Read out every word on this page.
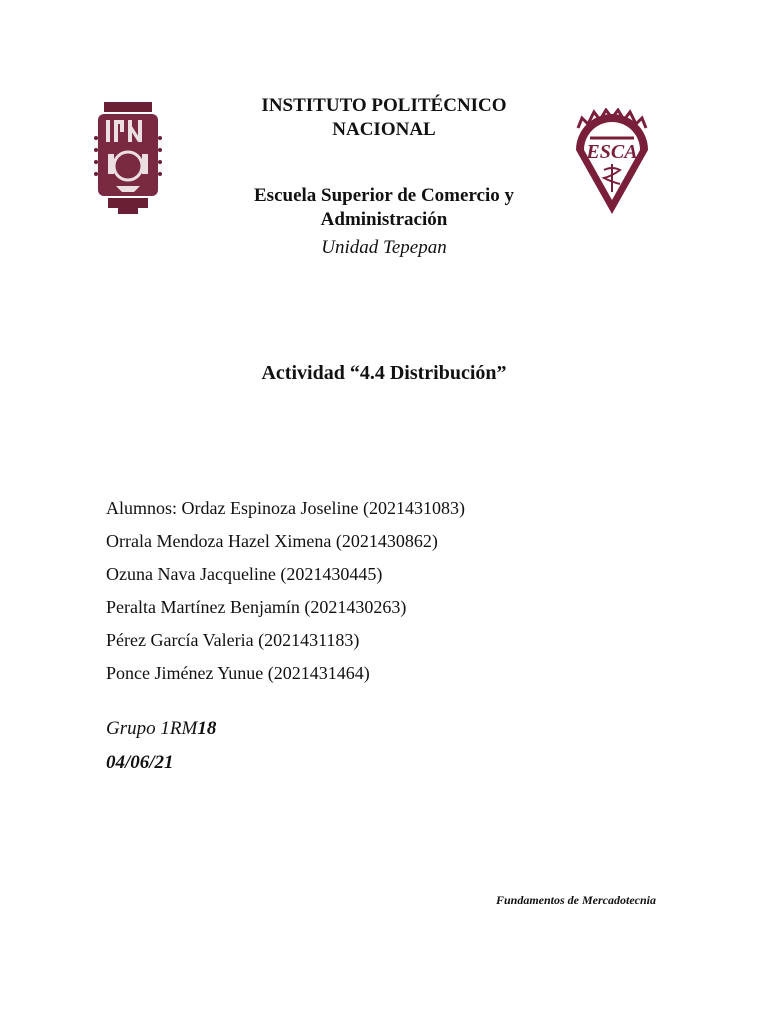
ESCA
INSTITUTO POLITÉCNICO
NACIONAL
Escuela Superior de Comercio y
Administración
Unidad Tepepan
Actividad “4.4 Distribución”
Alumnos: Ordaz Espinoza Joseline (2021431083)
Orrala Mendoza Hazel Ximena (2021430862)
Ozuna Nava Jacqueline (2021430445)
Peralta Martínez Benjamín (2021430263)
Pérez García Valeria (2021431183)
Ponce Jiménez Yunue (2021431464)
Grupo 1RM18
04/06/21
Fundamentos de Mercadotecnia
